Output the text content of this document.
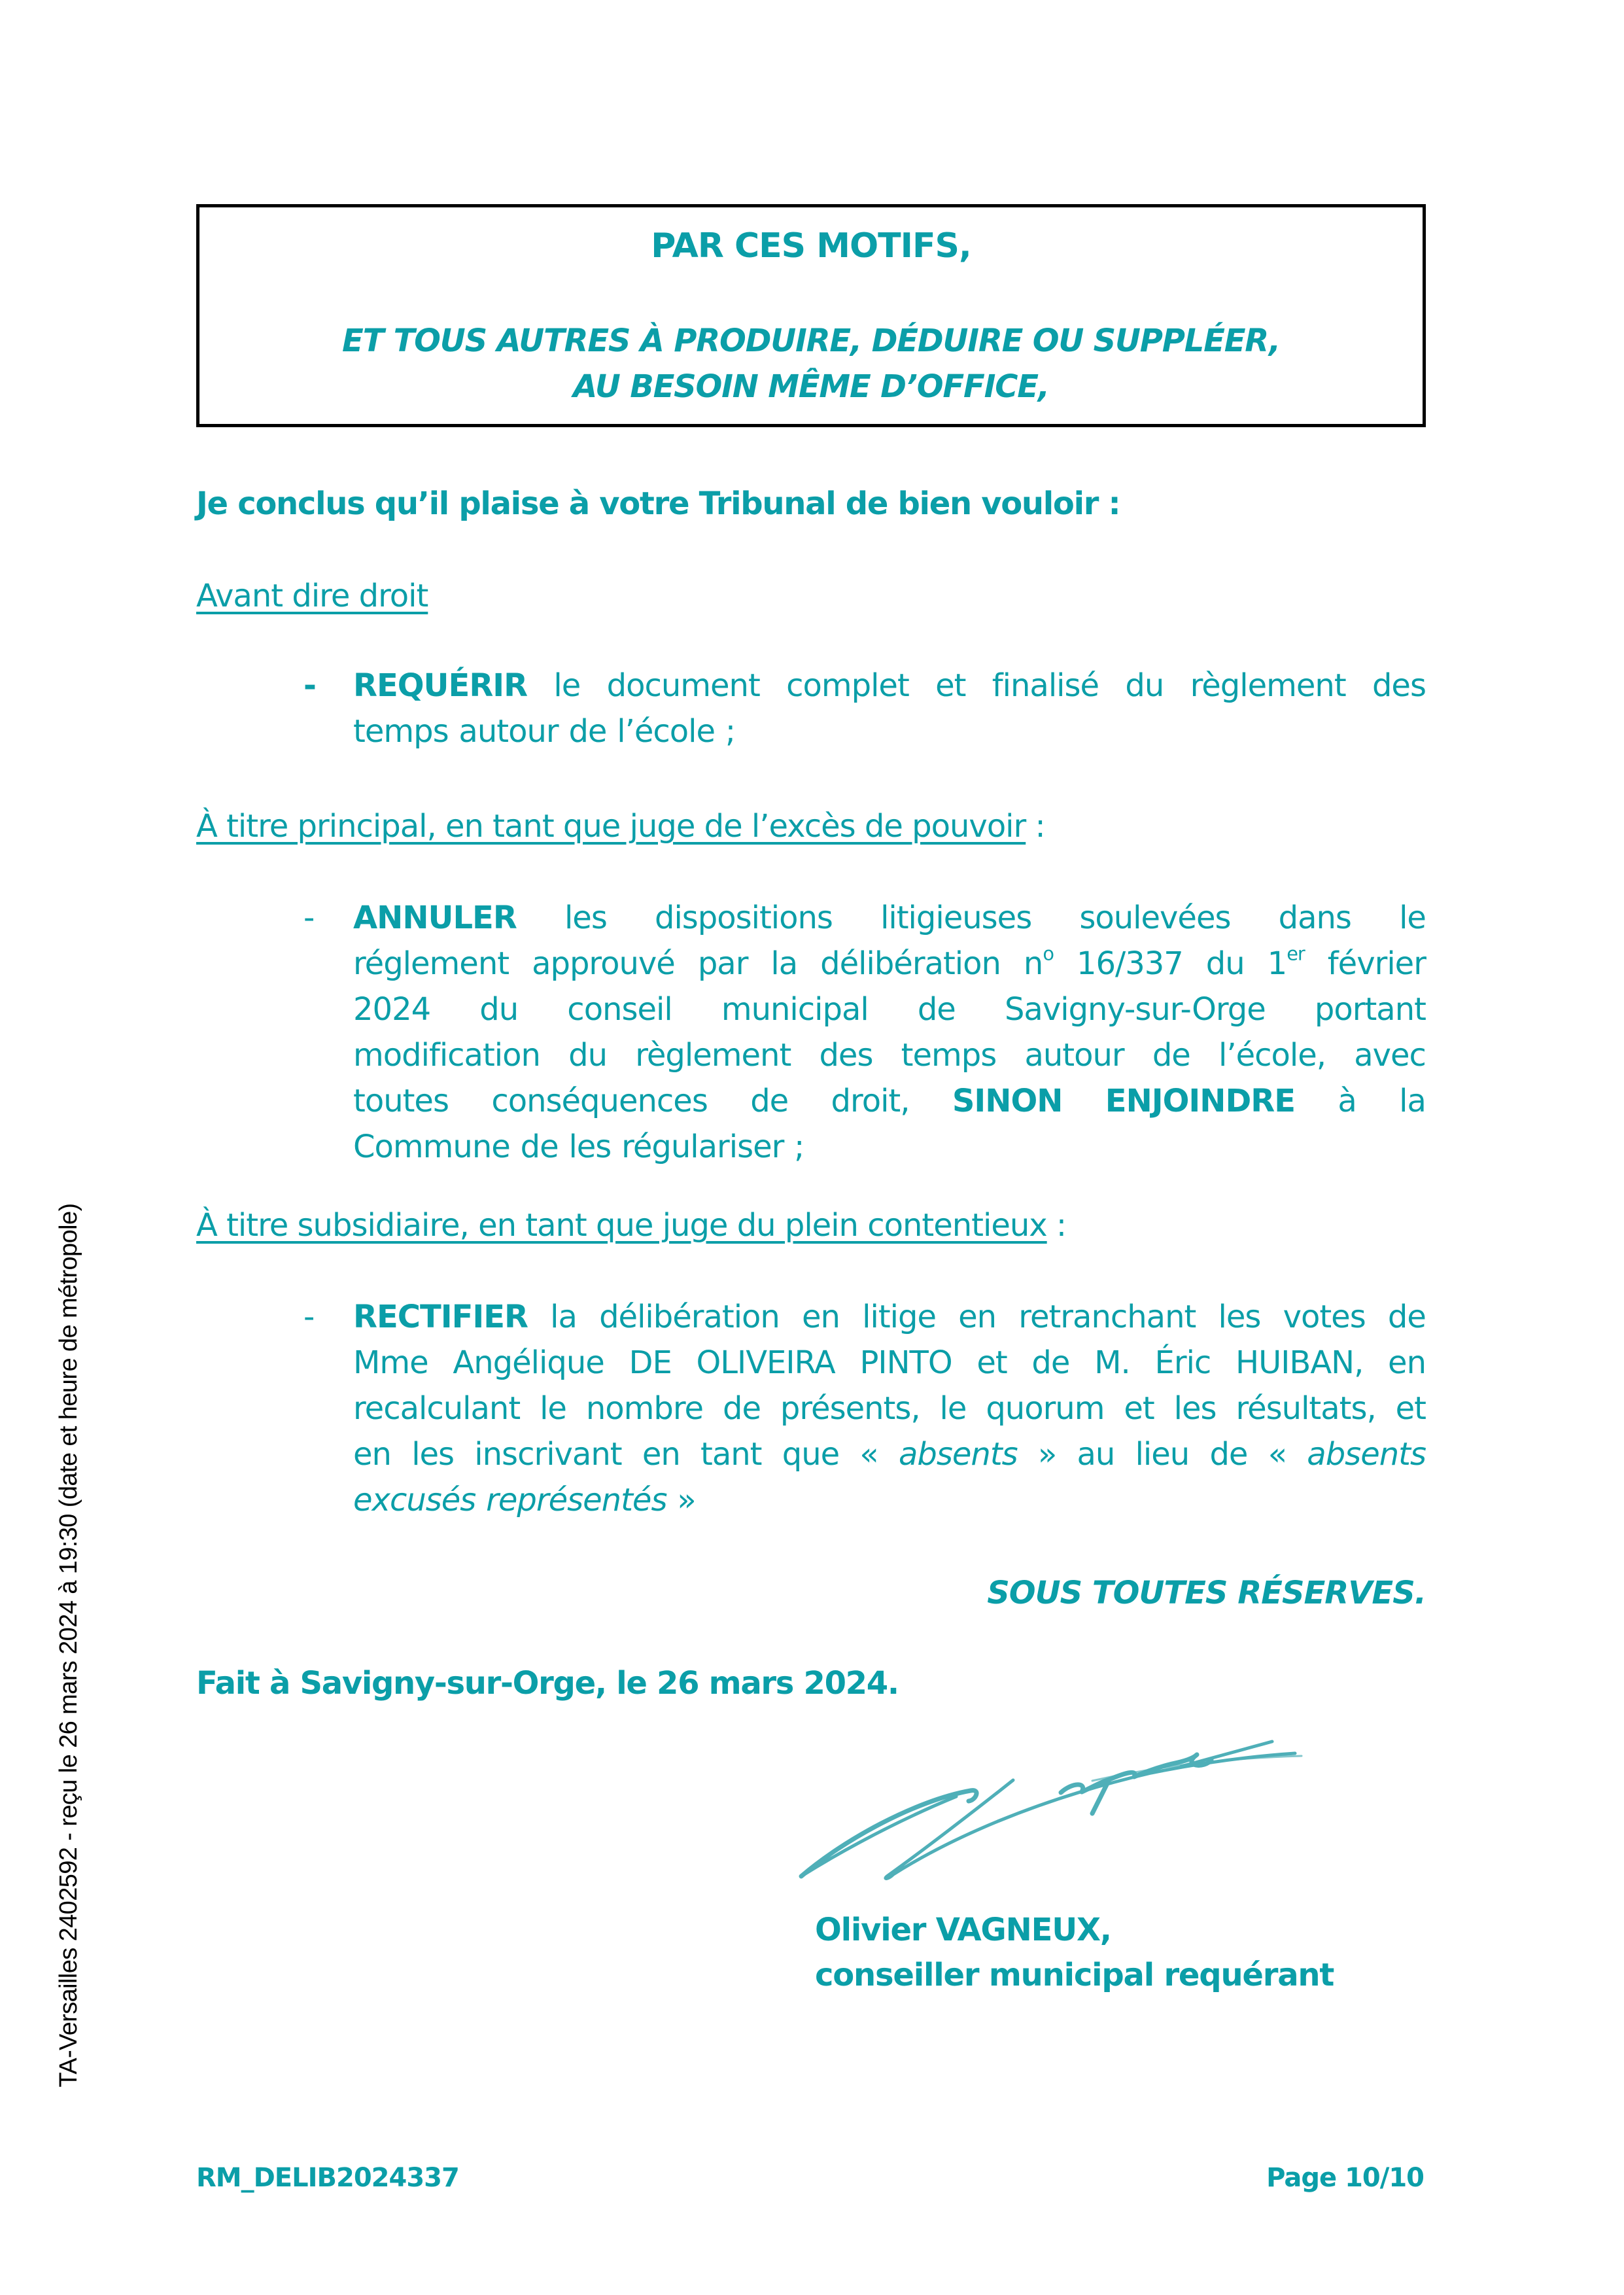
PAR CES MOTIFS,
ET TOUS AUTRES À PRODUIRE, DÉDUIRE OU SUPPLÉER,
AU BESOIN MÊME D’OFFICE,
Je conclus qu’il plaise à votre Tribunal de bien vouloir :
Avant dire droit
- REQUÉRIR le document complet et finalisé du règlement des
temps autour de l’école ;
À titre principal, en tant que juge de l’excès de pouvoir :
- ANNULER les dispositions litigieuses soulevées dans le
réglement approuvé par la délibération $n^o$ 16/337 du 1er février
2024 du conseil municipal de Savigny-sur-Orge portant
modification du règlement des temps autour de l’école, avec
toutes conséquences de droit, SINON ENJOINDRE à la
Commune de les régulariser ;
À titre subsidiaire, en tant que juge du plein contentieux :
- RECTIFIER la délibération en litige en retranchant les votes de
Mme Angélique DE OLIVEIRA PINTO et de M. Éric HUIBAN, en
recalculant le nombre de présents, le quorum et les résultats, et
en les inscrivant en tant que « absents » au lieu de « absents
excusés représentés »
SOUS TOUTES RÉSERVES.
Fait à Savigny-sur-Orge, le 26 mars 2024.
Olivier VAGNEUX,
conseiller municipal requérant
RM_DELIB2024337	Page 10/10
TA-Versailles 2402592 - reçu le 26 mars 2024 à 19:30 (date et heure de métropole)
